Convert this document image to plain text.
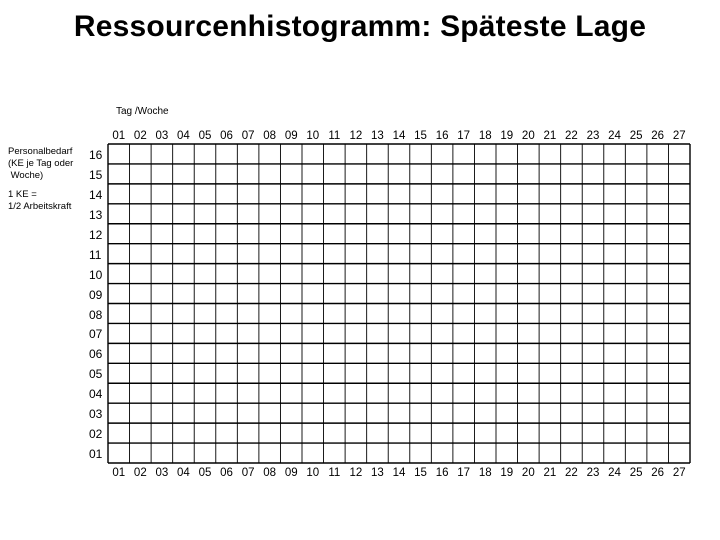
Ressourcenhistogramm: Späteste Lage
Tag /Woche
Personalbedarf
(KE je Tag oder
Woche)
1 KE =
1/2 Arbeitskraft
16
15
14
13
12
11
10
09
08
07
06
05
04
03
02
01
01
01
02
02
03
03
04
04
05
05
06
06
07
07
08
08
09
09
10
10
11
11
12
12
13
13
14
14
15
15
16
16
17
17
18
18
19
19
20
20
21
21
22
22
23
23
24
24
25
25
26
26
27
27
